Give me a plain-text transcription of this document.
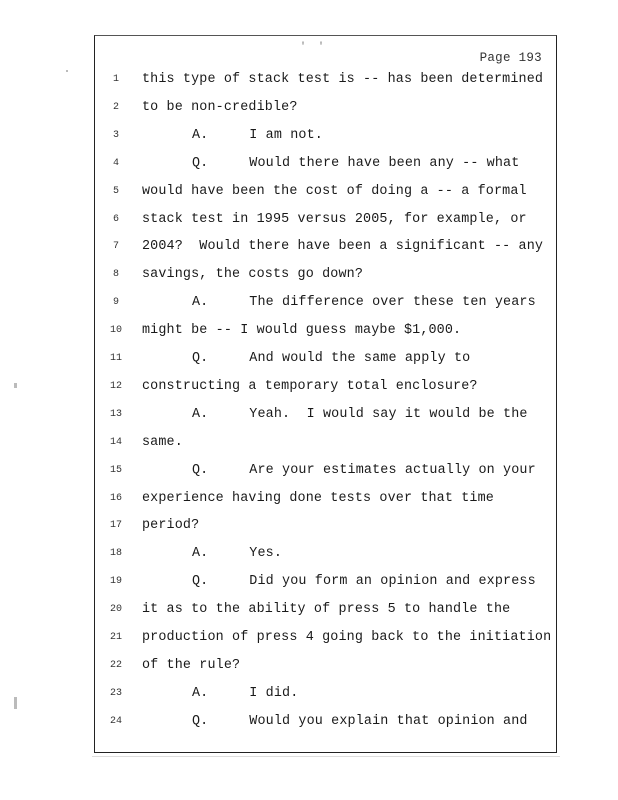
' '
Page 193
1	this type of stack test is -- has been determined
2	to be non-credible?
3	A.     I am not.
4	Q.     Would there have been any -- what
5	would have been the cost of doing a -- a formal
6	stack test in 1995 versus 2005, for example, or
7	2004?  Would there have been a significant -- any
8	savings, the costs go down?
9	A.     The difference over these ten years
10	might be -- I would guess maybe $1,000.
11	Q.     And would the same apply to
12	constructing a temporary total enclosure?
13	A.     Yeah.  I would say it would be the
14	same.
15	Q.     Are your estimates actually on your
16	experience having done tests over that time
17	period?
18	A.     Yes.
19	Q.     Did you form an opinion and express
20	it as to the ability of press 5 to handle the
21	production of press 4 going back to the initiation
22	of the rule?
23	A.     I did.
24	Q.     Would you explain that opinion and
